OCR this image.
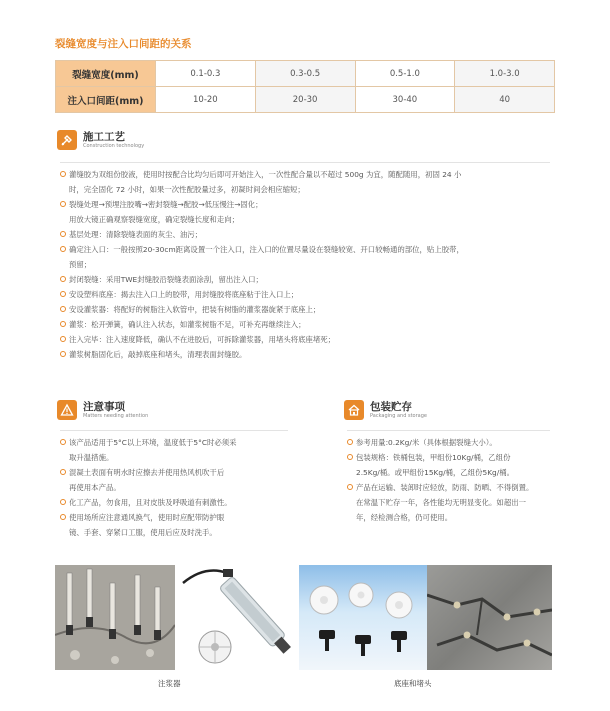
裂缝宽度与注入口间距的关系
裂缝宽度(mm)	0.1-0.3	0.3-0.5	0.5-1.0	1.0-3.0
注入口间距(mm)	10-20	20-30	30-40	40
施工工艺
Construction technology
灌缝胶为双组份胶液，使用时按配合比均匀后即可开始注入，一次性配合量以不超过 500g 为宜，随配随用，初固 24 小
时，完全固化 72 小时，如果一次性配胶量过多，初凝时间会相应缩短；
裂缝处理→预埋注胶嘴→密封裂缝→配胶→低压慢注→固化；
用放大镜正确观察裂缝宽度，确定裂缝长度和走向；
基层处理：清除裂缝表面的灰尘、油污；
确定注入口：一般按照20-30cm距离设置一个注入口，注入口的位置尽量设在裂缝较宽、开口较畅通的部位，贴上胶带，
预留；
封闭裂缝：采用TWE封缝胶沿裂缝表面涂刮，留出注入口；
安设塑料底座：揭去注入口上的胶带，用封缝胶将底座粘于注入口上；
安设灌浆器：将配好的树脂注入软管中，把装有树脂的灌浆器旋紧于底座上；
灌浆：松开弹簧，确认注入状态，如灌浆树脂不足，可补充再继续注入；
注入完毕：注入速度降低，确认不在进胶后，可拆除灌浆器，用堵头将底座堵死；
灌浆树脂固化后，敲掉底座和堵头，清理表面封缝胶。
注意事项
Matters needing attention
该产品适用于5°C以上环境，温度低于5°C时必须采
取升温措施。
混凝土表面有明水时应擦去并使用热风机吹干后
再使用本产品。
化工产品，勿食用，且对皮肤及呼吸道有刺激性。
使用场所应注意通风换气，使用时应配带防护眼
镜、手套、穿紧口工服，使用后应及时洗手。
包装贮存
Packaging and storage
参考用量:0.2Kg/米（具体根据裂缝大小）。
包装规格：铁桶包装，甲组份10Kg/桶，乙组份
2.5Kg/桶。或甲组份15Kg/桶，乙组份5Kg/桶。
产品在运输、装卸时应轻放，防雨、防晒、不得倒置。
在常温下贮存一年，各性能均无明显变化。如超出一
年，经检测合格，仍可使用。
注浆器	底座和堵头
